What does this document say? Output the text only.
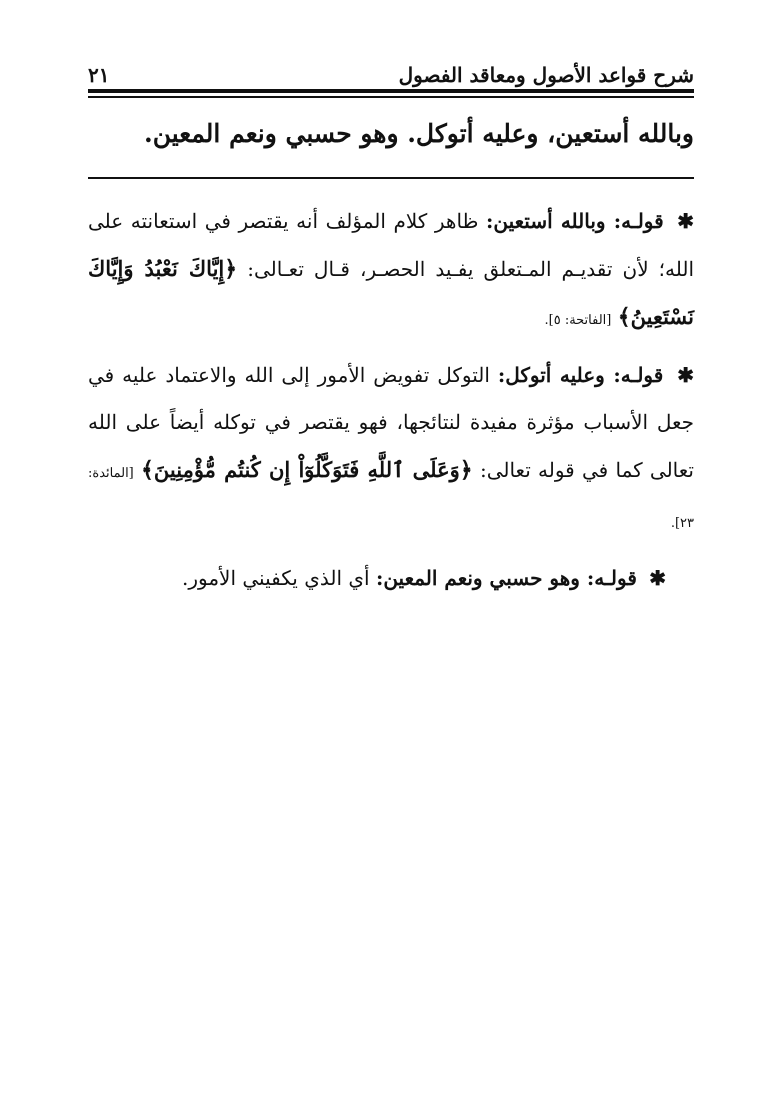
شرح قواعد الأصول ومعاقد الفصول
٢١
وبالله أستعين، وعليه أتوكل. وهو حسبي ونعم المعين.

✱ قولـه: وبالله أستعين: ظاهر كلام المؤلف أنه يقتصر في استعانته على الله؛ لأن تقديـم المـتعلق يفـيد الحصـر، قـال تعـالى: ﴿إِيَّاكَ نَعْبُدُ وَإِيَّاكَ نَسْتَعِينُ﴾ [الفاتحة: ٥].

✱ قولـه: وعليه أتوكل: التوكل تفويض الأمور إلى الله والاعتماد عليه في جعل الأسباب مؤثرة مفيدة لنتائجها، فهو يقتصر في توكله أيضاً على الله تعالى كما في قوله تعالى: ﴿وَعَلَى ٱللَّهِ فَتَوَكَّلُوٓاْ إِن كُنتُم مُّؤْمِنِينَ﴾ [المائدة: ٢٣].

✱ قولـه: وهو حسبي ونعم المعين: أي الذي يكفيني الأمور.
